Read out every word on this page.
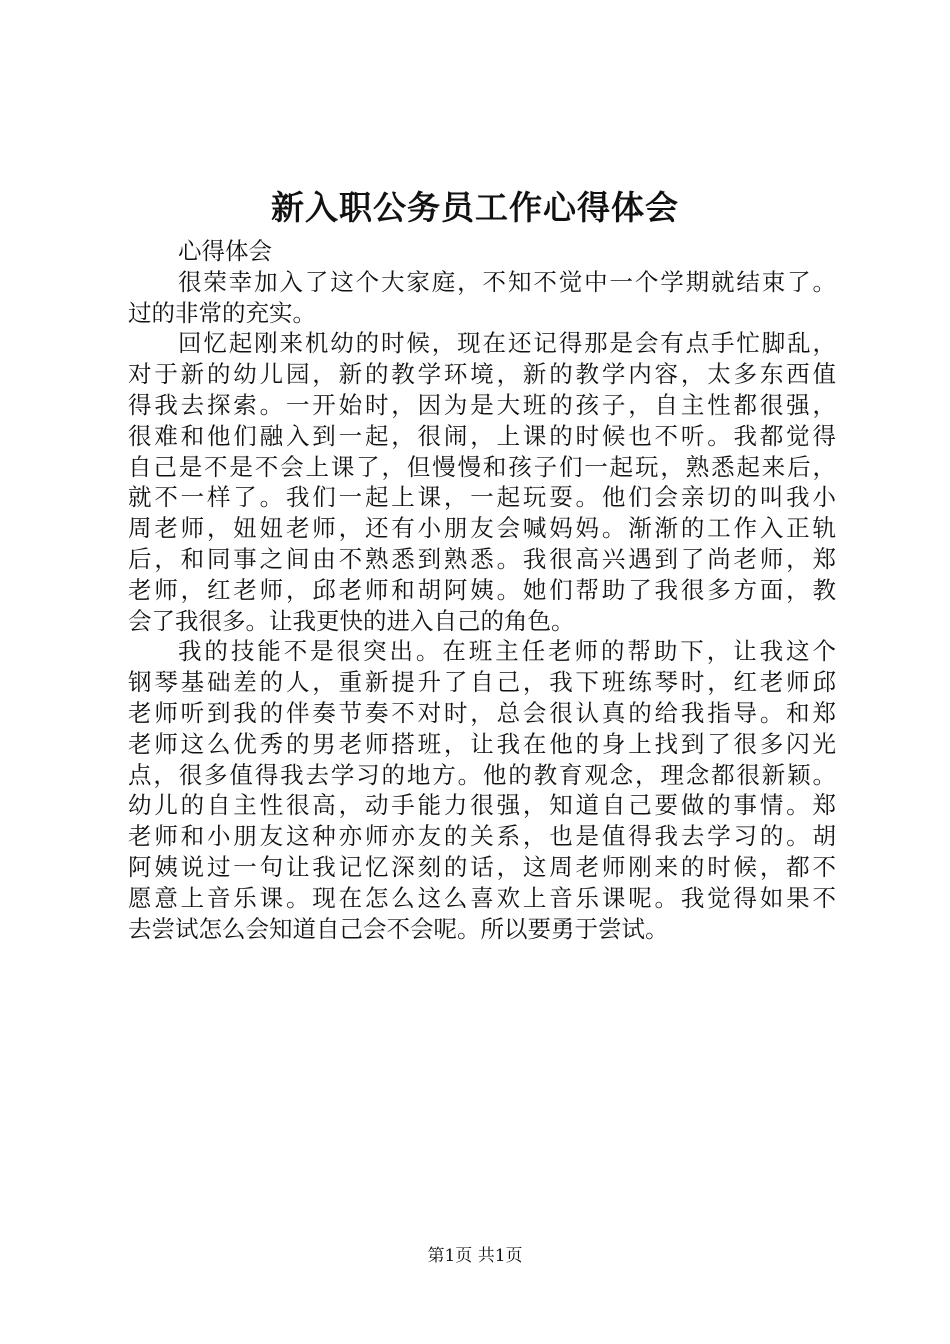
新入职公务员工作心得体会
心得体会
很荣幸加入了这个大家庭，不知不觉中一个学期就结束了。
过的非常的充实。
回忆起刚来机幼的时候，现在还记得那是会有点手忙脚乱，
对于新的幼儿园，新的教学环境，新的教学内容，太多东西值
得我去探索。一开始时，因为是大班的孩子，自主性都很强，
很难和他们融入到一起，很闹，上课的时候也不听。我都觉得
自己是不是不会上课了，但慢慢和孩子们一起玩，熟悉起来后，
就不一样了。我们一起上课，一起玩耍。他们会亲切的叫我小
周老师，妞妞老师，还有小朋友会喊妈妈。渐渐的工作入正轨
后，和同事之间由不熟悉到熟悉。我很高兴遇到了尚老师，郑
老师，红老师，邱老师和胡阿姨。她们帮助了我很多方面，教
会了我很多。让我更快的进入自己的角色。
我的技能不是很突出。在班主任老师的帮助下，让我这个
钢琴基础差的人，重新提升了自己，我下班练琴时，红老师邱
老师听到我的伴奏节奏不对时，总会很认真的给我指导。和郑
老师这么优秀的男老师搭班，让我在他的身上找到了很多闪光
点，很多值得我去学习的地方。他的教育观念，理念都很新颖。
幼儿的自主性很高，动手能力很强，知道自己要做的事情。郑
老师和小朋友这种亦师亦友的关系，也是值得我去学习的。胡
阿姨说过一句让我记忆深刻的话，这周老师刚来的时候，都不
愿意上音乐课。现在怎么这么喜欢上音乐课呢。我觉得如果不
去尝试怎么会知道自己会不会呢。所以要勇于尝试。
第1页 共1页
